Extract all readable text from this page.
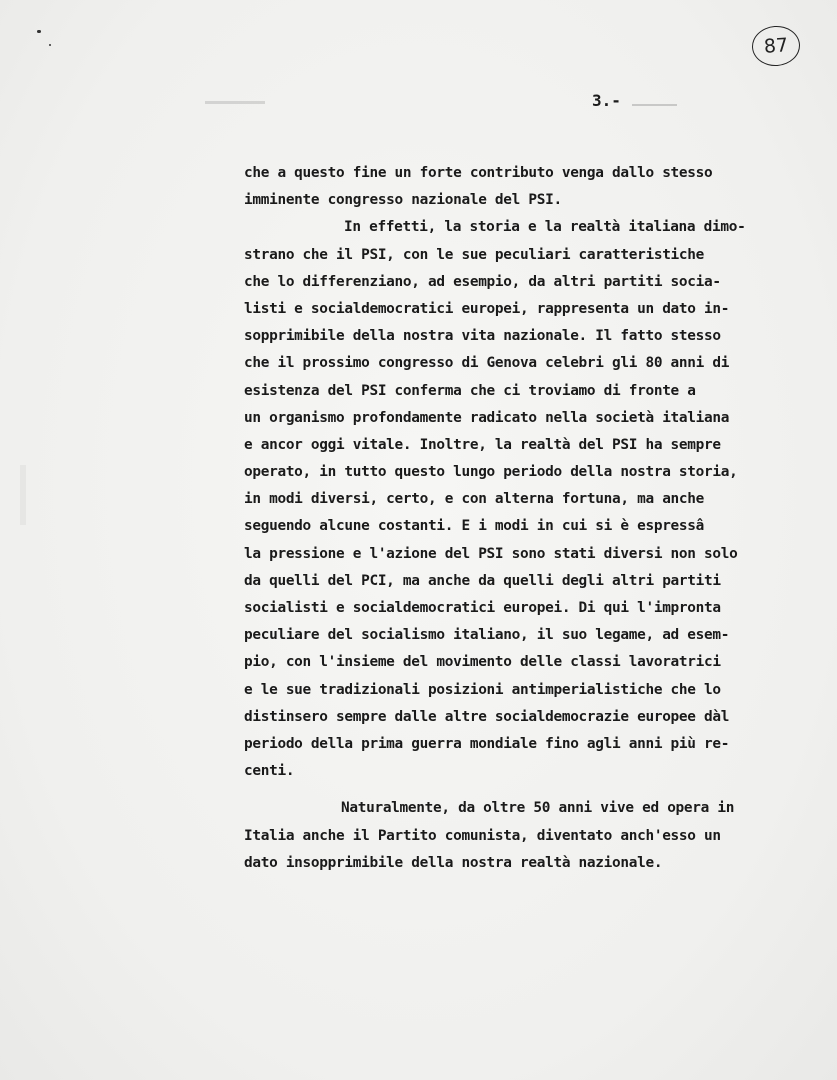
87
3.-
che a questo fine un forte contributo venga dallo stesso
imminente congresso nazionale del PSI.
In effetti, la storia e la realtà italiana dimo-
strano che il PSI, con le sue peculiari caratteristiche
che lo differenziano, ad esempio, da altri partiti socia-
listi e socialdemocratici europei, rappresenta un dato in-
sopprimibile della nostra vita nazionale. Il fatto stesso
che il prossimo congresso di Genova celebri gli 80 anni di
esistenza del PSI conferma che ci troviamo di fronte a
un organismo profondamente radicato nella società italiana
e ancor oggi vitale. Inoltre, la realtà del PSI ha sempre
operato, in tutto questo lungo periodo della nostra storia,
in modi diversi, certo, e con alterna fortuna, ma anche
seguendo alcune costanti. E i modi in cui si è espressâ
la pressione e l'azione del PSI sono stati diversi non solo
da quelli del PCI, ma anche da quelli degli altri partiti
socialisti e socialdemocratici europei. Di qui l'impronta
peculiare del socialismo italiano, il suo legame, ad esem-
pio, con l'insieme del movimento delle classi lavoratrici
e le sue tradizionali posizioni antimperialistiche che lo
distinsero sempre dalle altre socialdemocrazie europee dàl
periodo della prima guerra mondiale fino agli anni più re-
centi.
Naturalmente, da oltre 50 anni vive ed opera in
Italia anche il Partito comunista, diventato anch'esso un
dato insopprimibile della nostra realtà nazionale.
